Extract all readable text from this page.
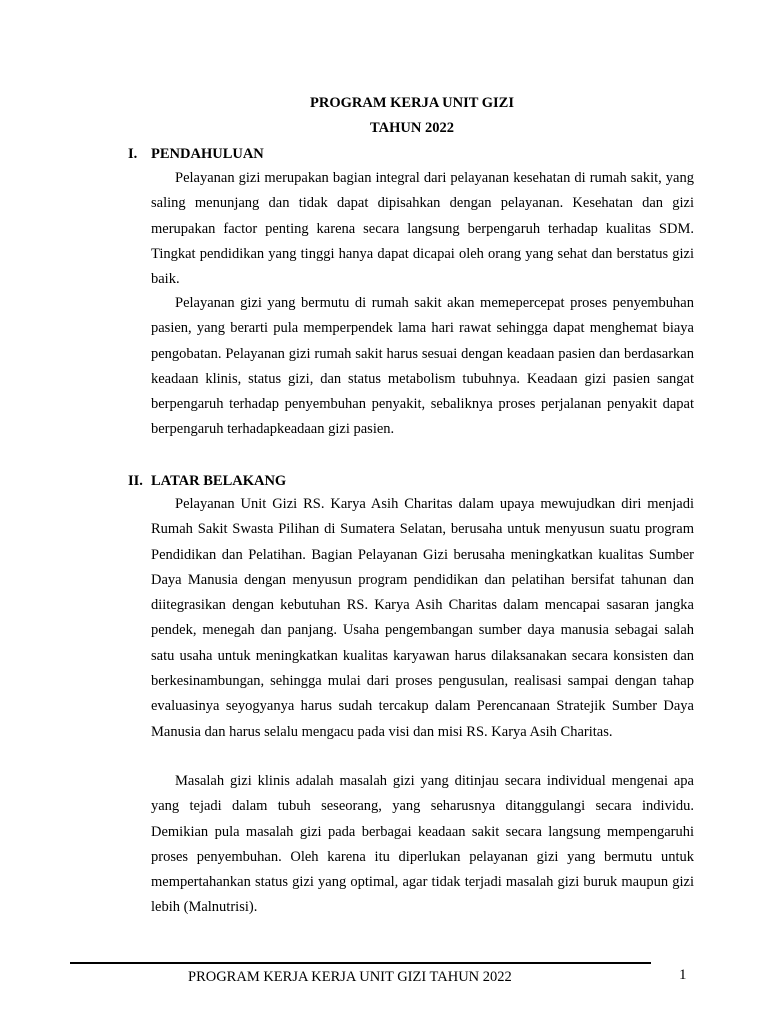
PROGRAM KERJA UNIT GIZI
TAHUN 2022
I. PENDAHULUAN

Pelayanan gizi merupakan bagian integral dari pelayanan kesehatan di rumah sakit, yang saling menunjang dan tidak dapat dipisahkan dengan pelayanan. Kesehatan dan gizi merupakan factor penting karena secara langsung berpengaruh terhadap kualitas SDM. Tingkat pendidikan yang tinggi hanya dapat dicapai oleh orang yang sehat dan berstatus gizi baik.

Pelayanan gizi yang bermutu di rumah sakit akan memepercepat proses penyembuhan pasien, yang berarti pula memperpendek lama hari rawat sehingga dapat menghemat biaya pengobatan. Pelayanan gizi rumah sakit harus sesuai dengan keadaan pasien dan berdasarkan keadaan klinis, status gizi, dan status metabolism tubuhnya. Keadaan gizi pasien sangat berpengaruh terhadap penyembuhan penyakit, sebaliknya proses perjalanan penyakit dapat berpengaruh terhadapkeadaan gizi pasien.

II. LATAR BELAKANG

Pelayanan Unit Gizi RS. Karya Asih Charitas dalam upaya mewujudkan diri menjadi Rumah Sakit Swasta Pilihan di Sumatera Selatan, berusaha untuk menyusun suatu program Pendidikan dan Pelatihan. Bagian Pelayanan Gizi berusaha meningkatkan kualitas Sumber Daya Manusia dengan menyusun program pendidikan dan pelatihan bersifat tahunan dan diitegrasikan dengan kebutuhan RS. Karya Asih Charitas dalam mencapai sasaran jangka pendek, menegah dan panjang. Usaha pengembangan sumber daya manusia sebagai salah satu usaha untuk meningkatkan kualitas karyawan harus dilaksanakan secara konsisten dan berkesinambungan, sehingga mulai dari proses pengusulan, realisasi sampai dengan tahap evaluasinya seyogyanya harus sudah tercakup dalam Perencanaan Stratejik Sumber Daya Manusia dan harus selalu mengacu pada visi dan misi RS. Karya Asih Charitas.

Masalah gizi klinis adalah masalah gizi yang ditinjau secara individual mengenai apa yang tejadi dalam tubuh seseorang, yang seharusnya ditanggulangi secara individu. Demikian pula masalah gizi pada berbagai keadaan sakit secara langsung mempengaruhi proses penyembuhan. Oleh karena itu diperlukan pelayanan gizi yang bermutu untuk mempertahankan status gizi yang optimal, agar tidak terjadi masalah gizi buruk maupun gizi lebih (Malnutrisi).

PROGRAM KERJA KERJA UNIT GIZI TAHUN 2022	1
